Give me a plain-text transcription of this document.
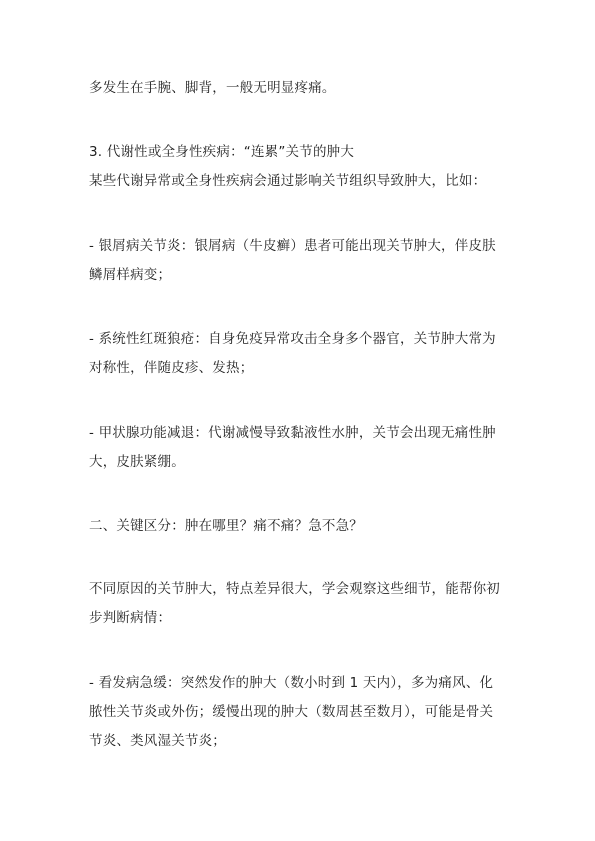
多发生在手腕、脚背，一般无明显疼痛。
3. 代谢性或全身性疾病：“连累”关节的肿大
某些代谢异常或全身性疾病会通过影响关节组织导致肿大，比如：
- 银屑病关节炎：银屑病（牛皮癣）患者可能出现关节肿大，伴皮肤
鳞屑样病变；
- 系统性红斑狼疮：自身免疫异常攻击全身多个器官，关节肿大常为
对称性，伴随皮疹、发热；
- 甲状腺功能减退：代谢减慢导致黏液性水肿，关节会出现无痛性肿
大，皮肤紧绷。
二、关键区分：肿在哪里？痛不痛？急不急？
不同原因的关节肿大，特点差异很大，学会观察这些细节，能帮你初
步判断病情：
- 看发病急缓：突然发作的肿大（数小时到 1 天内），多为痛风、化
脓性关节炎或外伤；缓慢出现的肿大（数周甚至数月），可能是骨关
节炎、类风湿关节炎；
